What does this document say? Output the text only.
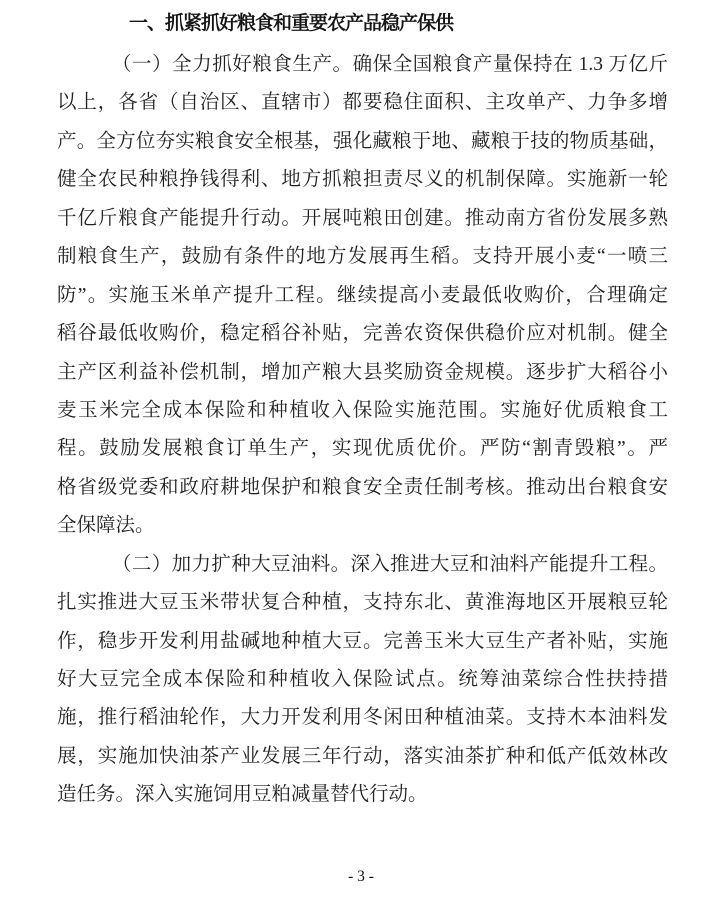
一、抓紧抓好粮食和重要农产品稳产保供
（一）全力抓好粮食生产。确保全国粮食产量保持在 1.3 万亿斤
以上，各省（自治区、直辖市）都要稳住面积、主攻单产、力争多增
产。全方位夯实粮食安全根基，强化藏粮于地、藏粮于技的物质基础，
健全农民种粮挣钱得利、地方抓粮担责尽义的机制保障。实施新一轮
千亿斤粮食产能提升行动。开展吨粮田创建。推动南方省份发展多熟
制粮食生产，鼓励有条件的地方发展再生稻。支持开展小麦“一喷三
防”。实施玉米单产提升工程。继续提高小麦最低收购价，合理确定
稻谷最低收购价，稳定稻谷补贴，完善农资保供稳价应对机制。健全
主产区利益补偿机制，增加产粮大县奖励资金规模。逐步扩大稻谷小
麦玉米完全成本保险和种植收入保险实施范围。实施好优质粮食工
程。鼓励发展粮食订单生产，实现优质优价。严防“割青毁粮”。严
格省级党委和政府耕地保护和粮食安全责任制考核。推动出台粮食安
全保障法。
（二）加力扩种大豆油料。深入推进大豆和油料产能提升工程。
扎实推进大豆玉米带状复合种植，支持东北、黄淮海地区开展粮豆轮
作，稳步开发利用盐碱地种植大豆。完善玉米大豆生产者补贴，实施
好大豆完全成本保险和种植收入保险试点。统筹油菜综合性扶持措
施，推行稻油轮作，大力开发利用冬闲田种植油菜。支持木本油料发
展，实施加快油茶产业发展三年行动，落实油茶扩种和低产低效林改
造任务。深入实施饲用豆粕减量替代行动。
- 3 -
